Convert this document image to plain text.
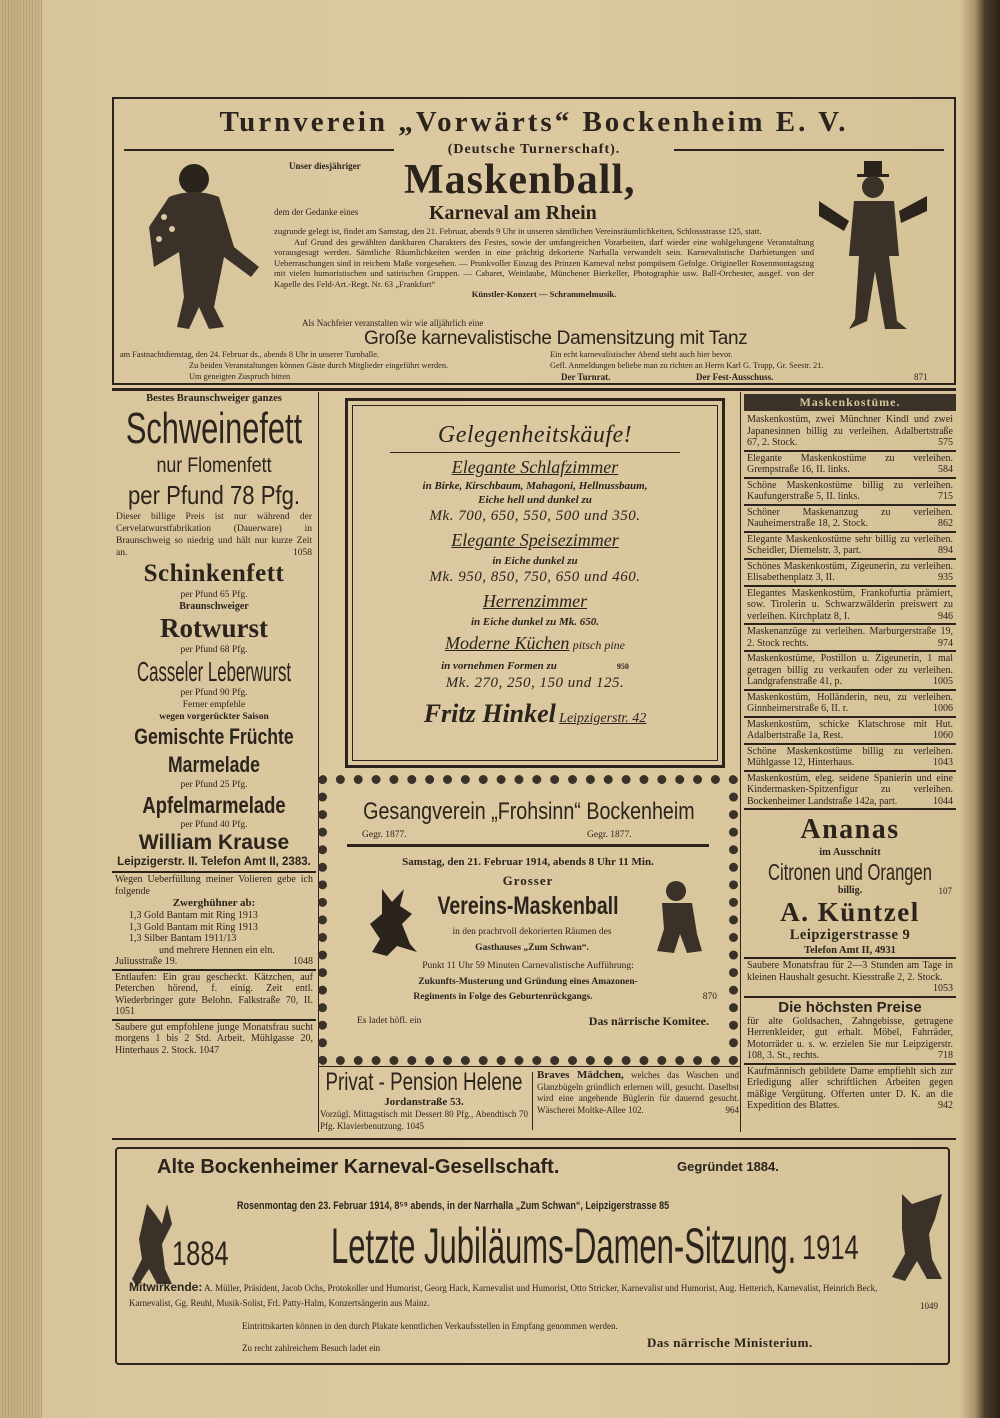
Turnverein „Vorwärts“ Bockenheim E. V.
(Deutsche Turnerschaft).
Unser diesjähriger Maskenball,
dem der Gedanke eines	Karneval am Rhein

zugrunde gelegt ist, findet am Samstag, den 21. Februar, abends 9 Uhr in unseren sämtlichen Vereinsräumlichkeiten, Schlossstrasse 125, statt.

Auf Grund des gewählten dankbaren Charakters des Festes, sowie der umfangreichen Vorarbeiten, darf wieder eine wohlgelungene Veranstaltung vorausgesagt werden. Sämtliche Räumlichkeiten werden in eine prächtig dekorierte Narhalla verwandelt sein. Karnevalistische Darbietungen und Ueberraschungen sind in reichem Maße vorgesehen. — Prunkvoller Einzug des Prinzen Karneval nebst pompösem Gefolge. Origineller Rosenmontagszug mit vielen humoristischen und satirischen Gruppen. — Cabaret, Weinlaube, Münchener Bierkeller, Photographie usw. Ball-Orchester, ausgef. von der Kapelle des Feld-Art.-Regt. Nr. 63 „Frankfurt“

Künstler-Konzert — Schrammelmusik.

Als Nachfeier veranstalten wir wie alljährlich eine
Große karnevalistische Damensitzung mit Tanz
am Fastnachtdienstag, den 24. Februar ds., abends 8 Uhr in unserer Turnhalle.	Ein echt karnevalistischer Abend steht auch hier bevor.
Zu beiden Veranstaltungen können Gäste durch Mitglieder eingeführt werden.	Gefl. Anmeldungen beliebe man zu richten an Herrn Karl G. Trapp, Gr. Seestr. 21.
Um geneigten Zuspruch bitten	Der Turnrat.	Der Fest-Ausschuss.	871
Bestes Braunschweiger ganzes
Schweinefett
nur Flomenfett
per Pfund 78 Pfg.
Dieser billige Preis ist nur während der Cervelatwurstfabrikation (Dauerware) in Braunschweig so niedrig und hält nur kurze Zeit an.	1058
Schinkenfett
per Pfund 65 Pfg.
Braunschweiger
Rotwurst
per Pfund 68 Pfg.
Casseler Leberwurst
per Pfund 90 Pfg.
Ferner empfehle
wegen vorgerückter Saison
Gemischte Früchte
Marmelade
per Pfund 25 Pfg.
Apfelmarmelade
per Pfund 40 Pfg.
William Krause
Leipzigerstr. II. Telefon Amt II, 2383.
Wegen Ueberfüllung meiner Volieren gebe ich folgende
Zwerghühner ab:
1,3 Gold Bantam mit Ring 1913
1,3 Gold Bantam mit Ring 1913
1,3 Silber Bantam 1911/13
und mehrere Hennen ein eln.
Juliusstraße 19.	1048
Entlaufen: Ein grau gescheckt. Kätzchen, auf Peterchen hörend, f. einig. Zeit entl. Wiederbringer gute Belohn. Falkstraße 70, II. 1051
Saubere gut empfohlene junge Monatsfrau sucht morgens 1 bis 2 Std. Arbeit. Mühlgasse 20, Hinterhaus 2. Stock. 1047
Gelegenheitskäufe!
Elegante Schlafzimmer
in Birke, Kirschbaum, Mahagoni, Hellnussbaum,
Eiche hell und dunkel zu
Mk. 700, 650, 550, 500 und 350.
Elegante Speisezimmer
in Eiche dunkel zu
Mk. 950, 850, 750, 650 und 460.
Herrenzimmer
in Eiche dunkel zu Mk. 650.
Moderne Küchen pitsch pine
in vornehmen Formen zu	950
Mk. 270, 250, 150 und 125.
Fritz Hinkel Leipzigerstr. 42
Gesangverein „Frohsinn“ Bockenheim
Gegr. 1877.	Gegr. 1877.
Samstag, den 21. Februar 1914, abends 8 Uhr 11 Min.
Grosser
Vereins-Maskenball
in den prachtvoll dekorierten Räumen des
Gasthauses „Zum Schwan“.
Punkt 11 Uhr 59 Minuten Carnevalistische Aufführung:
Zukunfts-Musterung und Gründung eines Amazonen-
Regiments in Folge des Geburtenrückgangs.	870
Es ladet höfl. ein	Das närrische Komitee.
Privat - Pension Helene
Jordanstraße 53.
Vorzügl. Mittagstisch mit Dessert 80 Pfg., Abendtisch 70 Pfg. Klavierbenutzung. 1045
Braves Mädchen, welches das Waschen und Glanzbügeln gründlich erlernen will, gesucht. Daselbst wird eine angehende Büglerin für dauernd gesucht. Wäscherei Moltke-Allee 102.	964
Maskenkostüme.
Maskenkostüm, zwei Münchner Kindl und zwei Japanesinnen billig zu verleihen. Adalbertstraße 67, 2. Stock.	575
Elegante Maskenkostüme zu verleihen. Grempstraße 16, II. links.	584
Schöne Maskenkostüme billig zu verleihen. Kaufungerstraße 5, II. links.	715
Schöner Maskenanzug zu verleihen. Nauheimerstraße 18, 2. Stock.	862
Elegante Maskenkostüme sehr billig zu verleihen. Scheidler, Diemelstr. 3, part.	894
Schönes Maskenkostüm, Zigeunerin, zu verleihen. Elisabethenplatz 3, II.	935
Elegantes Maskenkostüm, Frankofurtia prämiert, sow. Tirolerin u. Schwarzwälderin preiswert zu verleihen. Kirchplatz 8, I.	946
Maskenanzüge zu verleihen. Marburgerstraße 19, 2. Stock rechts.	974
Maskenkostüme, Postillon u. Zigeunerin, 1 mal getragen billig zu verkaufen oder zu verleihen. Landgrafenstraße 41, p.	1005
Maskenkostüm, Holländerin, neu, zu verleihen. Ginnheimerstraße 6, II. r.	1006
Maskenkostüm, schicke Klatschrose mit Hut. Adalbertstraße 1a, Rest.	1060
Schöne Maskenkostüme billig zu verleihen. Mühlgasse 12, Hinterhaus.	1043
Maskenkostüm, eleg. seidene Spanierin und eine Kindermasken-Spitzenfigur zu verleihen. Bockenheimer Landstraße 142a, part.	1044
Ananas
im Ausschnitt
Citronen und Orangen
billig.	107
A. Küntzel
Leipzigerstrasse 9
Telefon Amt II, 4931
Saubere Monatsfrau für 2—3 Stunden am Tage in kleinen Haushalt gesucht. Kiesstraße 2, 2. Stock.
1053
Die höchsten Preise
für alte Goldsachen, Zahngebisse, getragene Herrenkleider, gut erhalt. Möbel, Fahrräder, Motorräder u. s. w. erzielen Sie nur Leipzigerstr. 108, 3. St., rechts.	718
Kaufmännisch gebildete Dame empfiehlt sich zur Erledigung aller schriftlichen Arbeiten gegen mäßige Vergütung. Offerten unter D. K. an die Expedition des Blattes.	942
Alte Bockenheimer Karneval-Gesellschaft.	Gegründet 1884.
Rosenmontag den 23. Februar 1914, 8⁵⁹ abends, in der Narrhalla „Zum Schwan“, Leipzigerstrasse 85
1884 Letzte Jubiläums-Damen-Sitzung. 1914
Mitwirkende: A. Müller, Präsident, Jacob Ochs, Protokoller und Humorist, Georg Hack, Karnevalist und Humorist, Otto Stricker, Karnevalist und Humorist, Aug. Hetterich, Karnevalist, Heinrich Beck, Karnevalist, Gg. Reuhl, Musik-Solist, Frl. Patty-Halm, Konzertsängerin aus Mainz.	1049
Eintrittskarten können in den durch Plakate kenntlichen Verkaufsstellen in Empfang genommen werden.
Zu recht zahlreichem Besuch ladet ein	Das närrische Ministerium.
